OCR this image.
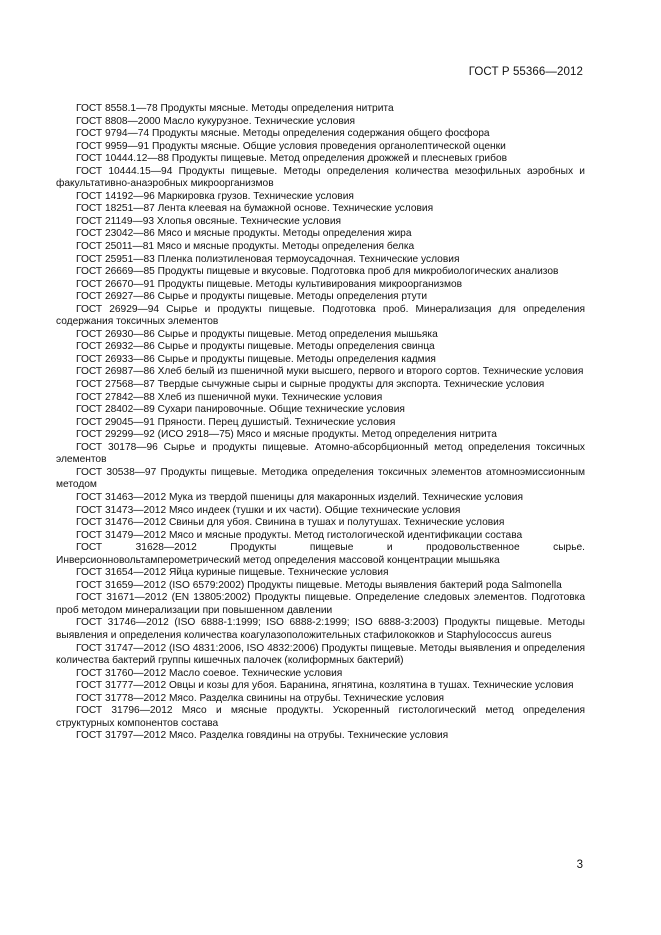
ГОСТ Р 55366—2012

ГОСТ 8558.1—78 Продукты мясные. Методы определения нитрита

ГОСТ 8808—2000 Масло кукурузное. Технические условия

ГОСТ 9794—74 Продукты мясные. Методы определения содержания общего фосфора

ГОСТ 9959—91 Продукты мясные. Общие условия проведения органолептической оценки

ГОСТ 10444.12—88 Продукты пищевые. Метод определения дрожжей и плесневых грибов

ГОСТ 10444.15—94 Продукты пищевые. Методы определения количества мезофильных аэробных и факультативно-анаэробных микроорганизмов

ГОСТ 14192—96 Маркировка грузов. Технические условия

ГОСТ 18251—87 Лента клеевая на бумажной основе. Технические условия

ГОСТ 21149—93 Хлопья овсяные. Технические условия

ГОСТ 23042—86 Мясо и мясные продукты. Методы определения жира

ГОСТ 25011—81 Мясо и мясные продукты. Методы определения белка

ГОСТ 25951—83 Пленка полиэтиленовая термоусадочная. Технические условия

ГОСТ 26669—85 Продукты пищевые и вкусовые. Подготовка проб для микробиологических анализов

ГОСТ 26670—91 Продукты пищевые. Методы культивирования микроорганизмов

ГОСТ 26927—86 Сырье и продукты пищевые. Методы определения ртути

ГОСТ 26929—94 Сырье и продукты пищевые. Подготовка проб. Минерализация для определения содержания токсичных элементов

ГОСТ 26930—86 Сырье и продукты пищевые. Метод определения мышьяка

ГОСТ 26932—86 Сырье и продукты пищевые. Методы определения свинца

ГОСТ 26933—86 Сырье и продукты пищевые. Методы определения кадмия

ГОСТ 26987—86 Хлеб белый из пшеничной муки высшего, первого и второго сортов. Технические условия

ГОСТ 27568—87 Твердые сычужные сыры и сырные продукты для экспорта. Технические условия

ГОСТ 27842—88 Хлеб из пшеничной муки. Технические условия

ГОСТ 28402—89 Сухари панировочные. Общие технические условия

ГОСТ 29045—91 Пряности. Перец душистый. Технические условия

ГОСТ 29299—92 (ИСО 2918—75) Мясо и мясные продукты. Метод определения нитрита

ГОСТ 30178—96 Сырье и продукты пищевые. Атомно-абсорбционный метод определения токсичных элементов

ГОСТ 30538—97 Продукты пищевые. Методика определения токсичных элементов атомноэмиссионным методом

ГОСТ 31463—2012 Мука из твердой пшеницы для макаронных изделий. Технические условия

ГОСТ 31473—2012 Мясо индеек (тушки и их части). Общие технические условия

ГОСТ 31476—2012 Свиньи для убоя. Свинина в тушах и полутушах. Технические условия

ГОСТ 31479—2012 Мясо и мясные продукты. Метод гистологической идентификации состава

ГОСТ 31628—2012 Продукты пищевые и продовольственное сырье. Инверсионновольтамперометрический метод определения массовой концентрации мышьяка

ГОСТ 31654—2012 Яйца куриные пищевые. Технические условия

ГОСТ 31659—2012 (ISO 6579:2002) Продукты пищевые. Методы выявления бактерий рода Salmonella

ГОСТ 31671—2012 (EN 13805:2002) Продукты пищевые. Определение следовых элементов. Подготовка проб методом минерализации при повышенном давлении

ГОСТ 31746—2012 (ISO 6888-1:1999; ISO 6888-2:1999; ISO 6888-3:2003) Продукты пищевые. Методы выявления и определения количества коагулазоположительных стафилококков и Staphylococcus aureus

ГОСТ 31747—2012 (ISO 4831:2006, ISO 4832:2006) Продукты пищевые. Методы выявления и определения количества бактерий группы кишечных палочек (колиформных бактерий)

ГОСТ 31760—2012 Масло соевое. Технические условия

ГОСТ 31777—2012 Овцы и козы для убоя. Баранина, ягнятина, козлятина в тушах. Технические условия

ГОСТ 31778—2012 Мясо. Разделка свинины на отрубы. Технические условия

ГОСТ 31796—2012 Мясо и мясные продукты. Ускоренный гистологический метод определения структурных компонентов состава

ГОСТ 31797—2012 Мясо. Разделка говядины на отрубы. Технические условия

3
